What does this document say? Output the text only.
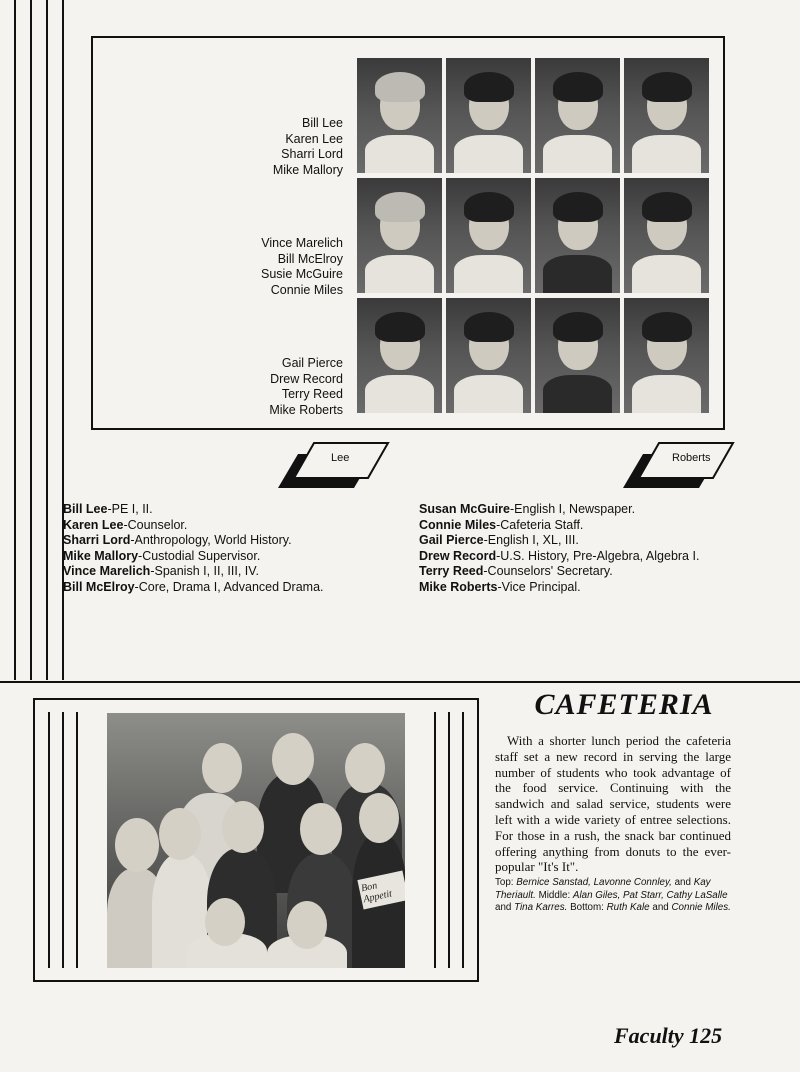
Bill Lee
Karen Lee
Sharri Lord
Mike Mallory
Vince Marelich
Bill McElroy
Susie McGuire
Connie Miles
Gail Pierce
Drew Record
Terry Reed
Mike Roberts
Lee	Roberts
Bill Lee-PE I, II.
Karen Lee-Counselor.
Sharri Lord-Anthropology, World History.
Mike Mallory-Custodial Supervisor.
Vince Marelich-Spanish I, II, III, IV.
Bill McElroy-Core, Drama I, Advanced Drama.
Susan McGuire-English I, Newspaper.
Connie Miles-Cafeteria Staff.
Gail Pierce-English I, XL, III.
Drew Record-U.S. History, Pre-Algebra, Algebra I.
Terry Reed-Counselors' Secretary.
Mike Roberts-Vice Principal.
Bon Appetit
CAFETERIA
With a shorter lunch period the cafeteria staff set a new record in serving the large number of students who took advantage of the food service. Continuing with the sandwich and salad service, students were left with a wide variety of entree selections. For those in a rush, the snack bar continued offering anything from donuts to the ever-popular "It's It".
Top: Bernice Sanstad, Lavonne Connley, and Kay Theriault. Middle: Alan Giles, Pat Starr, Cathy LaSalle and Tina Karres. Bottom: Ruth Kale and Connie Miles.
Faculty 125
